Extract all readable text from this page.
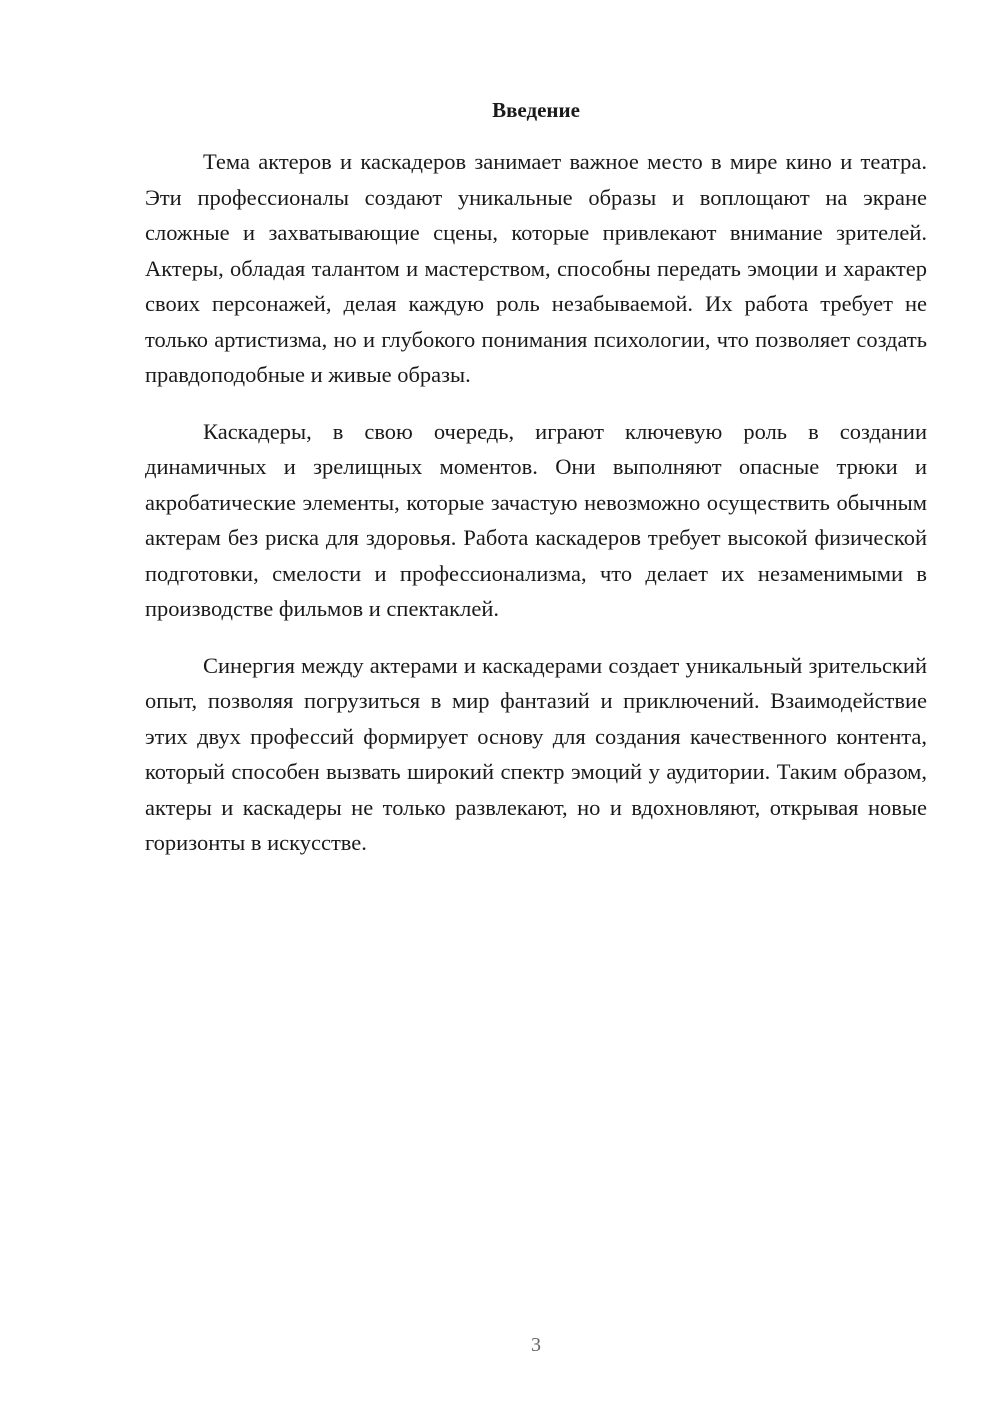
Введение

Тема актеров и каскадеров занимает важное место в мире кино и театра. Эти профессионалы создают уникальные образы и воплощают на экране сложные и захватывающие сцены, которые привлекают внимание зрителей. Актеры, обладая талантом и мастерством, способны передать эмоции и характер своих персонажей, делая каждую роль незабываемой. Их работа требует не только артистизма, но и глубокого понимания психологии, что позволяет создать правдоподобные и живые образы.

Каскадеры, в свою очередь, играют ключевую роль в создании динамичных и зрелищных моментов. Они выполняют опасные трюки и акробатические элементы, которые зачастую невозможно осуществить обычным актерам без риска для здоровья. Работа каскадеров требует высокой физической подготовки, смелости и профессионализма, что делает их незаменимыми в производстве фильмов и спектаклей.

Синергия между актерами и каскадерами создает уникальный зрительский опыт, позволяя погрузиться в мир фантазий и приключений. Взаимодействие этих двух профессий формирует основу для создания качественного контента, который способен вызвать широкий спектр эмоций у аудитории. Таким образом, актеры и каскадеры не только развлекают, но и вдохновляют, открывая новые горизонты в искусстве.

3
